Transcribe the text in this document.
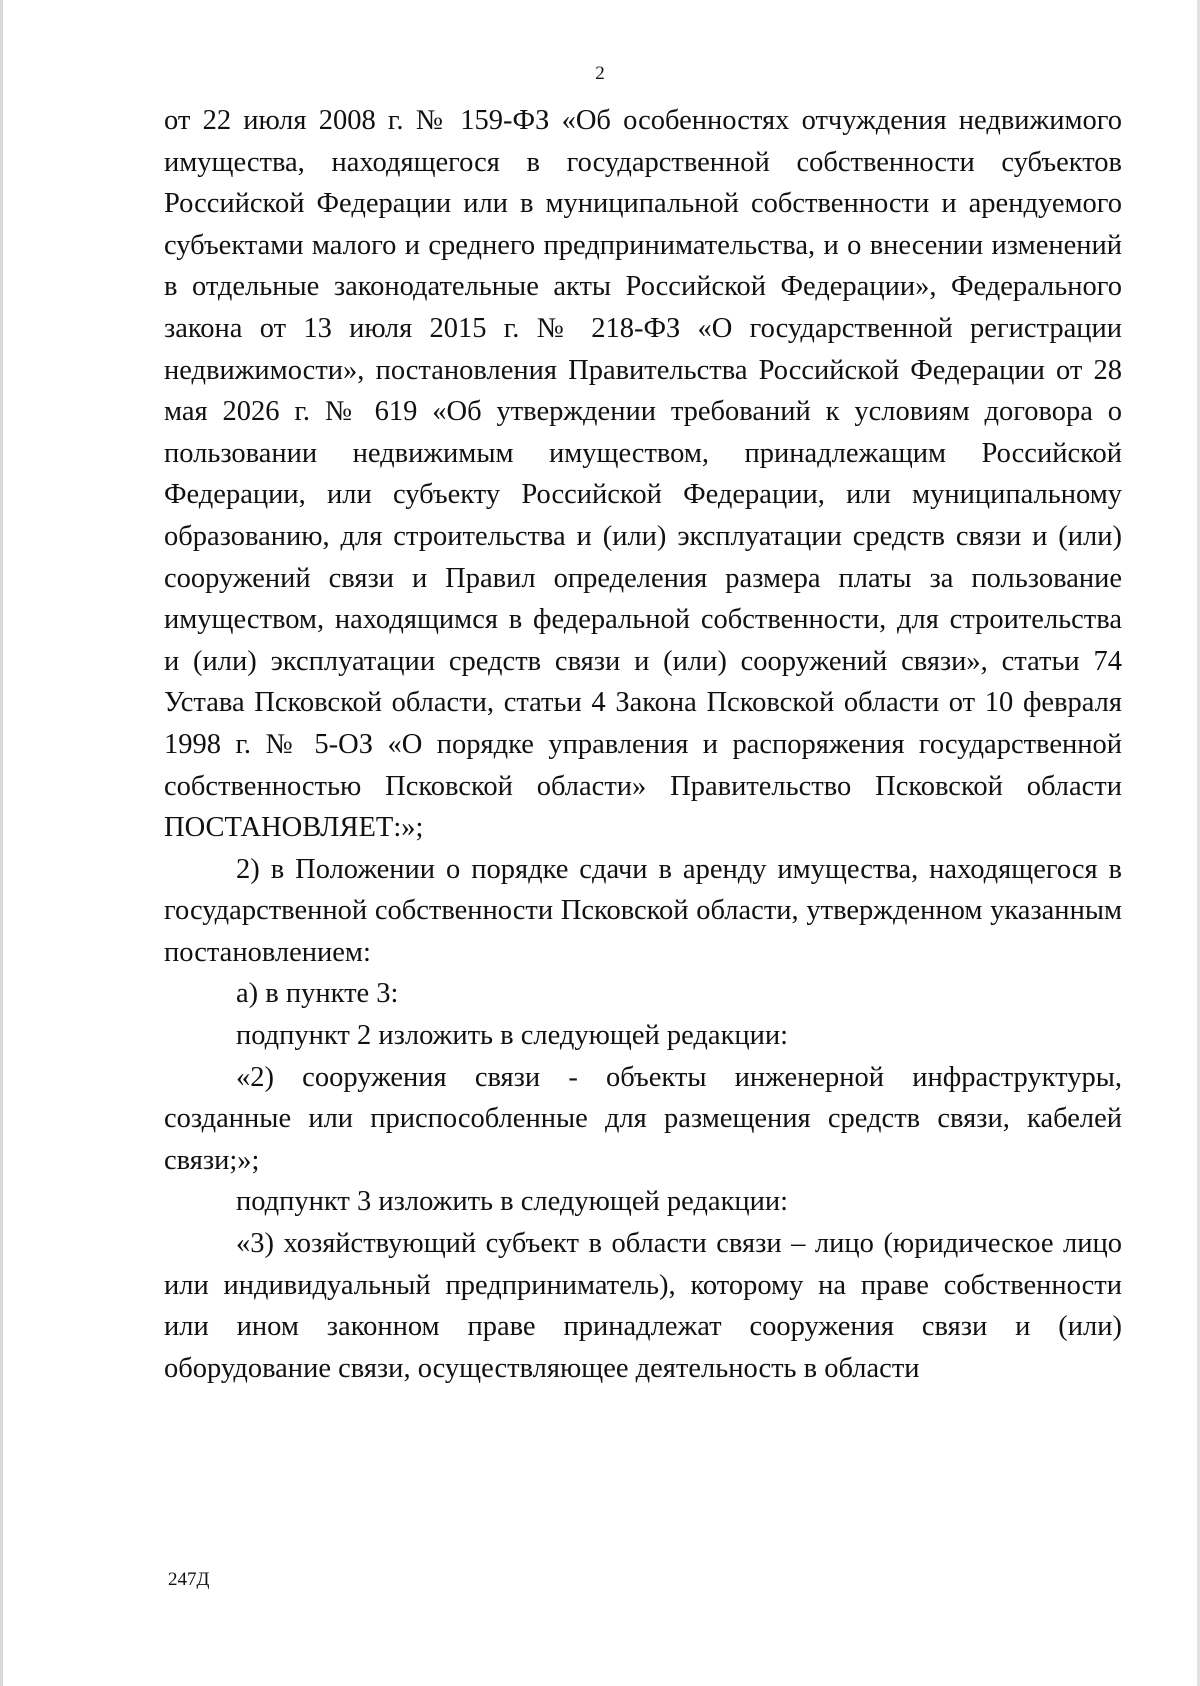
2

от 22 июля 2008 г. № 159-ФЗ «Об особенностях отчуждения недвижимого имущества, находящегося в государственной собственности субъектов Российской Федерации или в муниципальной собственности и арендуемого субъектами малого и среднего предпринимательства, и о внесении изменений в отдельные законодательные акты Российской Федерации», Федерального закона от 13 июля 2015 г. № 218-ФЗ «О государственной регистрации недвижимости», постановления Правительства Российской Федерации от 28 мая 2026 г. № 619 «Об утверждении требований к условиям договора о пользовании недвижимым имуществом, принадлежащим Российской Федерации, или субъекту Российской Федерации, или муниципальному образованию, для строительства и (или) эксплуатации средств связи и (или) сооружений связи и Правил определения размера платы за пользование имуществом, находящимся в федеральной собственности, для строительства и (или) эксплуатации средств связи и (или) сооружений связи», статьи 74 Устава Псковской области, статьи 4 Закона Псковской области от 10 февраля 1998 г. № 5-ОЗ «О порядке управления и распоряжения государственной собственностью Псковской области» Правительство Псковской области ПОСТАНОВЛЯЕТ:»;

2) в Положении о порядке сдачи в аренду имущества, находящегося в государственной собственности Псковской области, утвержденном указанным постановлением:

а) в пункте 3:

подпункт 2 изложить в следующей редакции:

«2) сооружения связи - объекты инженерной инфраструктуры, созданные или приспособленные для размещения средств связи, кабелей связи;»;

подпункт 3 изложить в следующей редакции:

«3) хозяйствующий субъект в области связи – лицо (юридическое лицо или индивидуальный предприниматель), которому на праве собственности или ином законном праве принадлежат сооружения связи и (или) оборудование связи, осуществляющее деятельность в области

247Д
